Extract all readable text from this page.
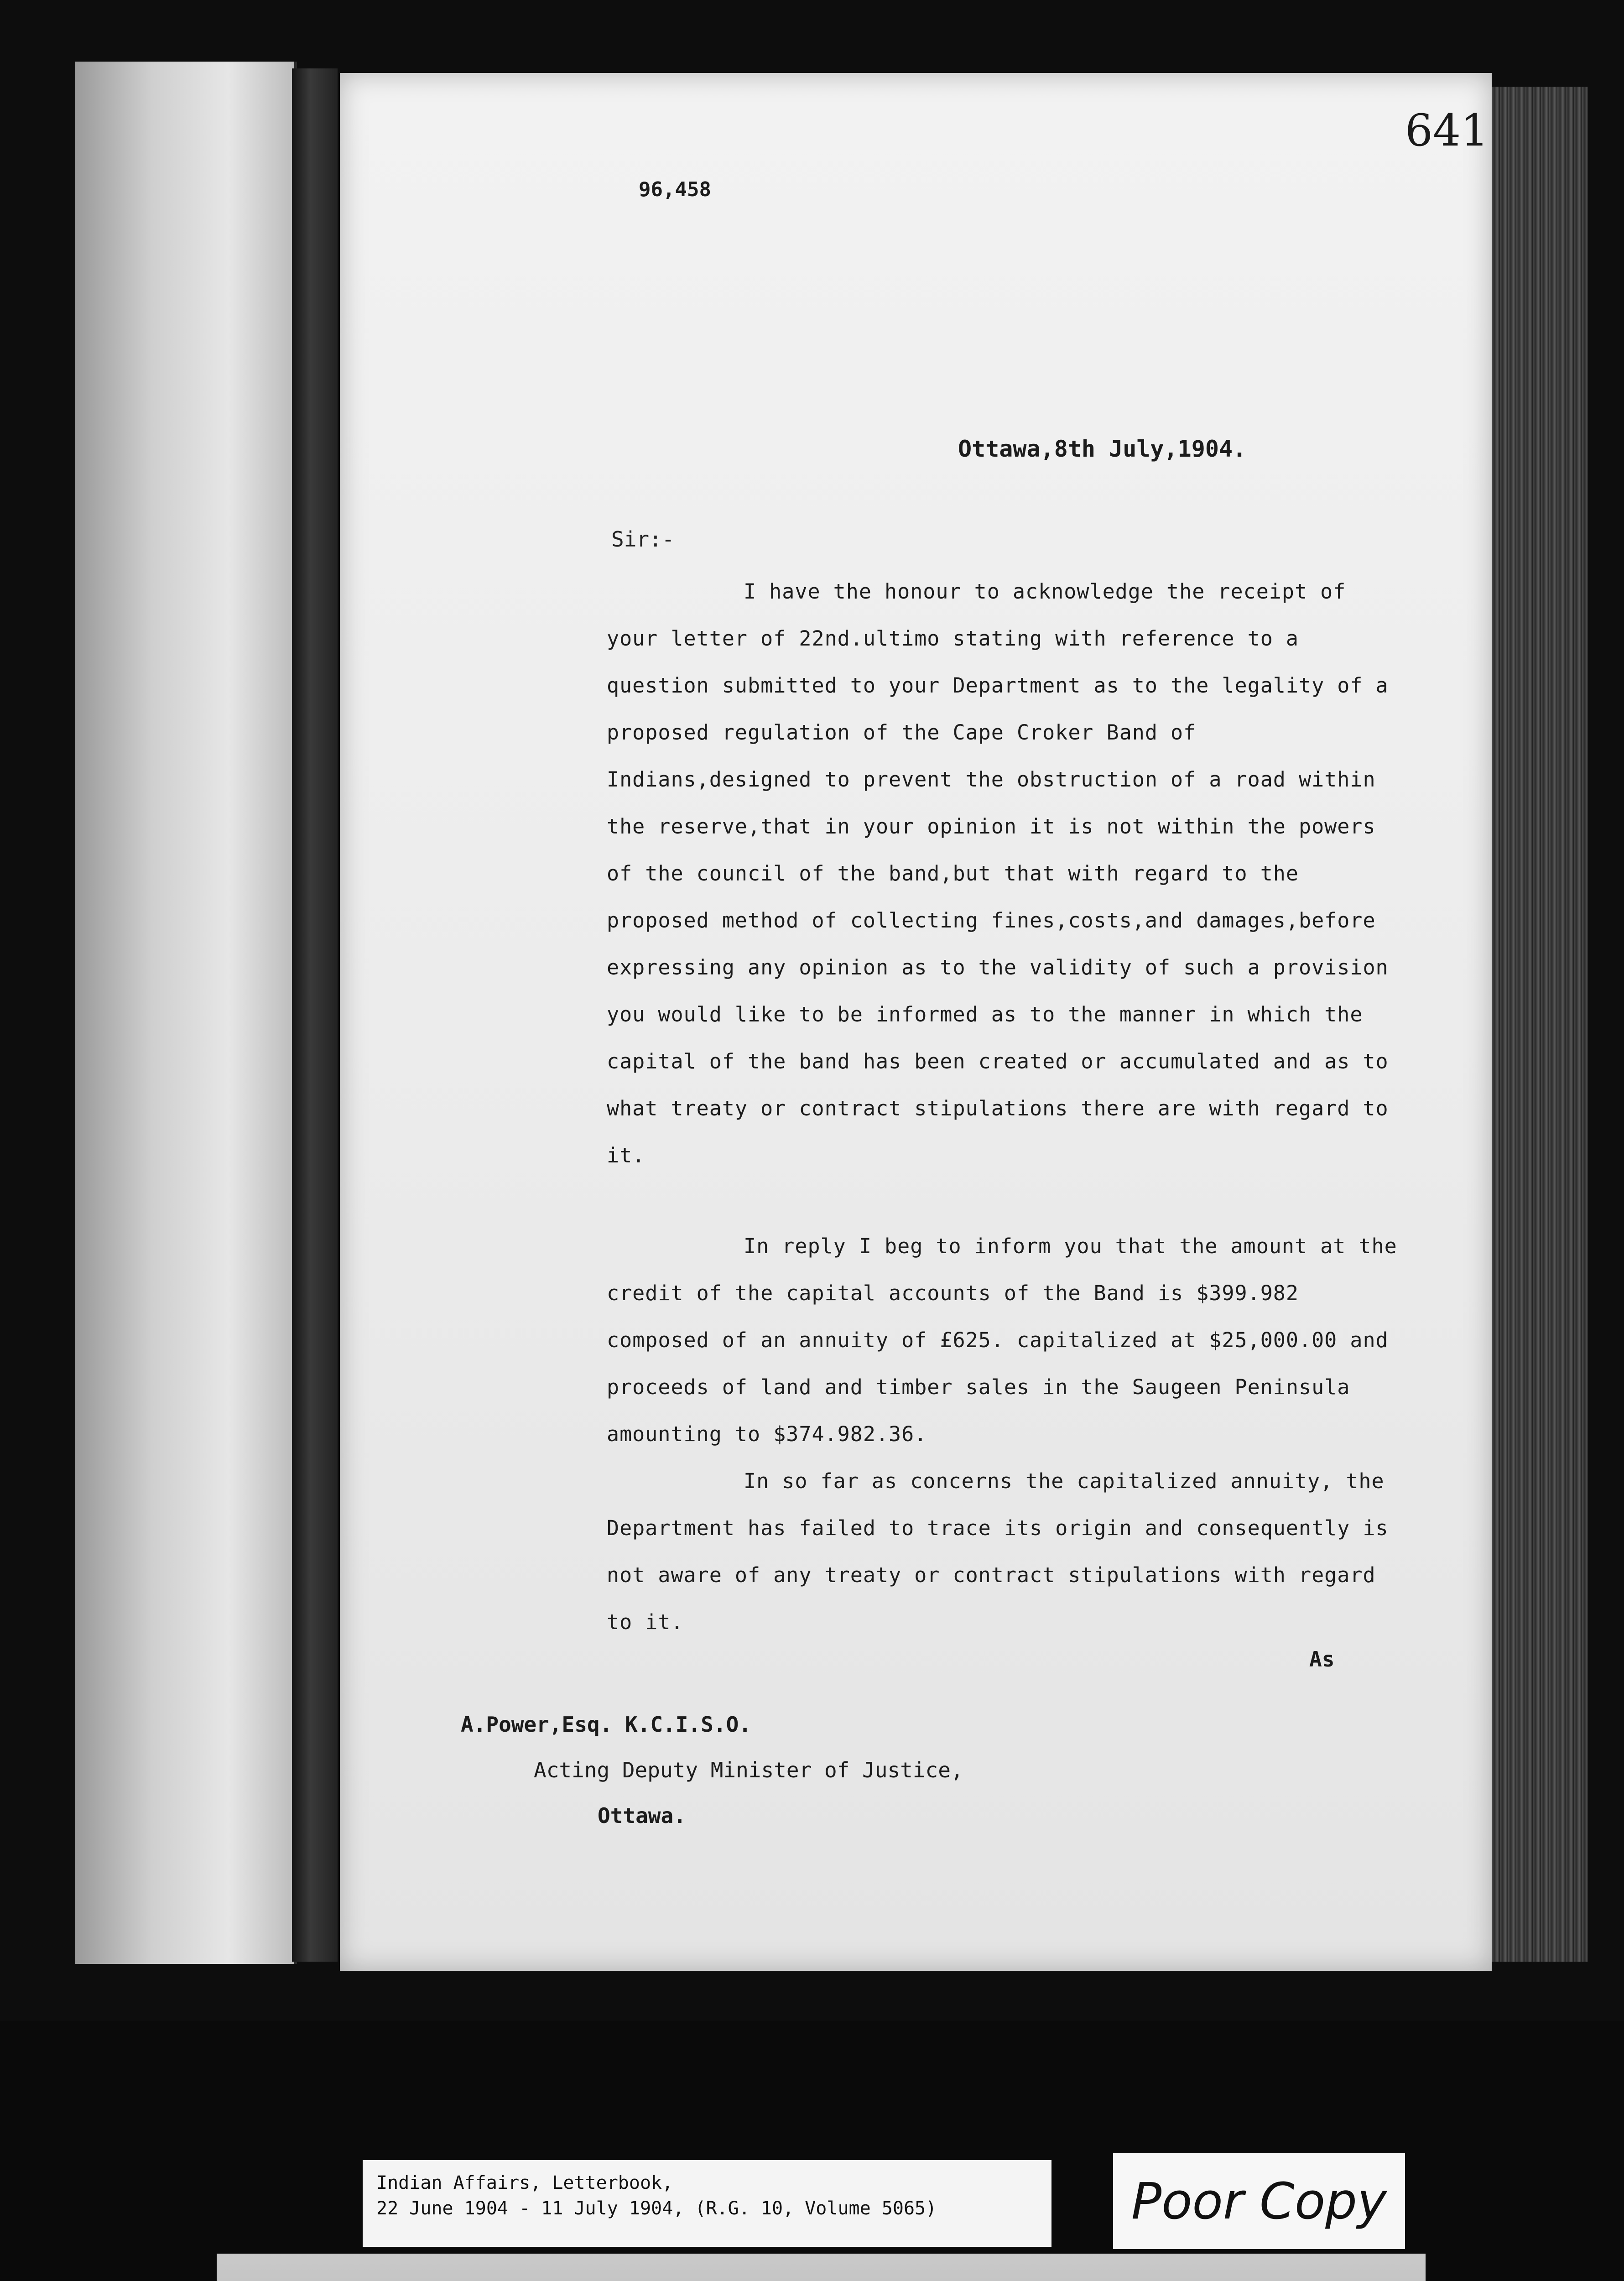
641
96,458
Ottawa,8th July,1904.
Sir:-

I have the honour to acknowledge the receipt of your letter of 22nd.ultimo stating with reference to a question submitted to your Department as to the legality of a proposed regulation of the Cape Croker Band of Indians,designed to prevent the obstruction of a road within the reserve,that in your opinion it is not within the powers of the council of the band,but that with regard to the proposed method of collecting fines,costs,and damages,before expressing any opinion as to the validity of such a provision you would like to be informed as to the manner in which the capital of the band has been created or accumulated and as to what treaty or contract stipulations there are with regard to it.

In reply I beg to inform you that the amount at the credit of the capital accounts of the Band is $399.982 composed of an annuity of £625. capitalized at $25,000.00 and proceeds of land and timber sales in the Saugeen Peninsula amounting to $374.982.36.

In so far as concerns the capitalized annuity, the Department has failed to trace its origin and consequently is not aware of any treaty or contract stipulations with regard to it.

As
A.Power,Esq. K.C.I.S.O.
Acting Deputy Minister of Justice,
Ottawa.
Indian Affairs, Letterbook,
22 June 1904 - 11 July 1904, (R.G. 10, Volume 5065)	Poor Copy
